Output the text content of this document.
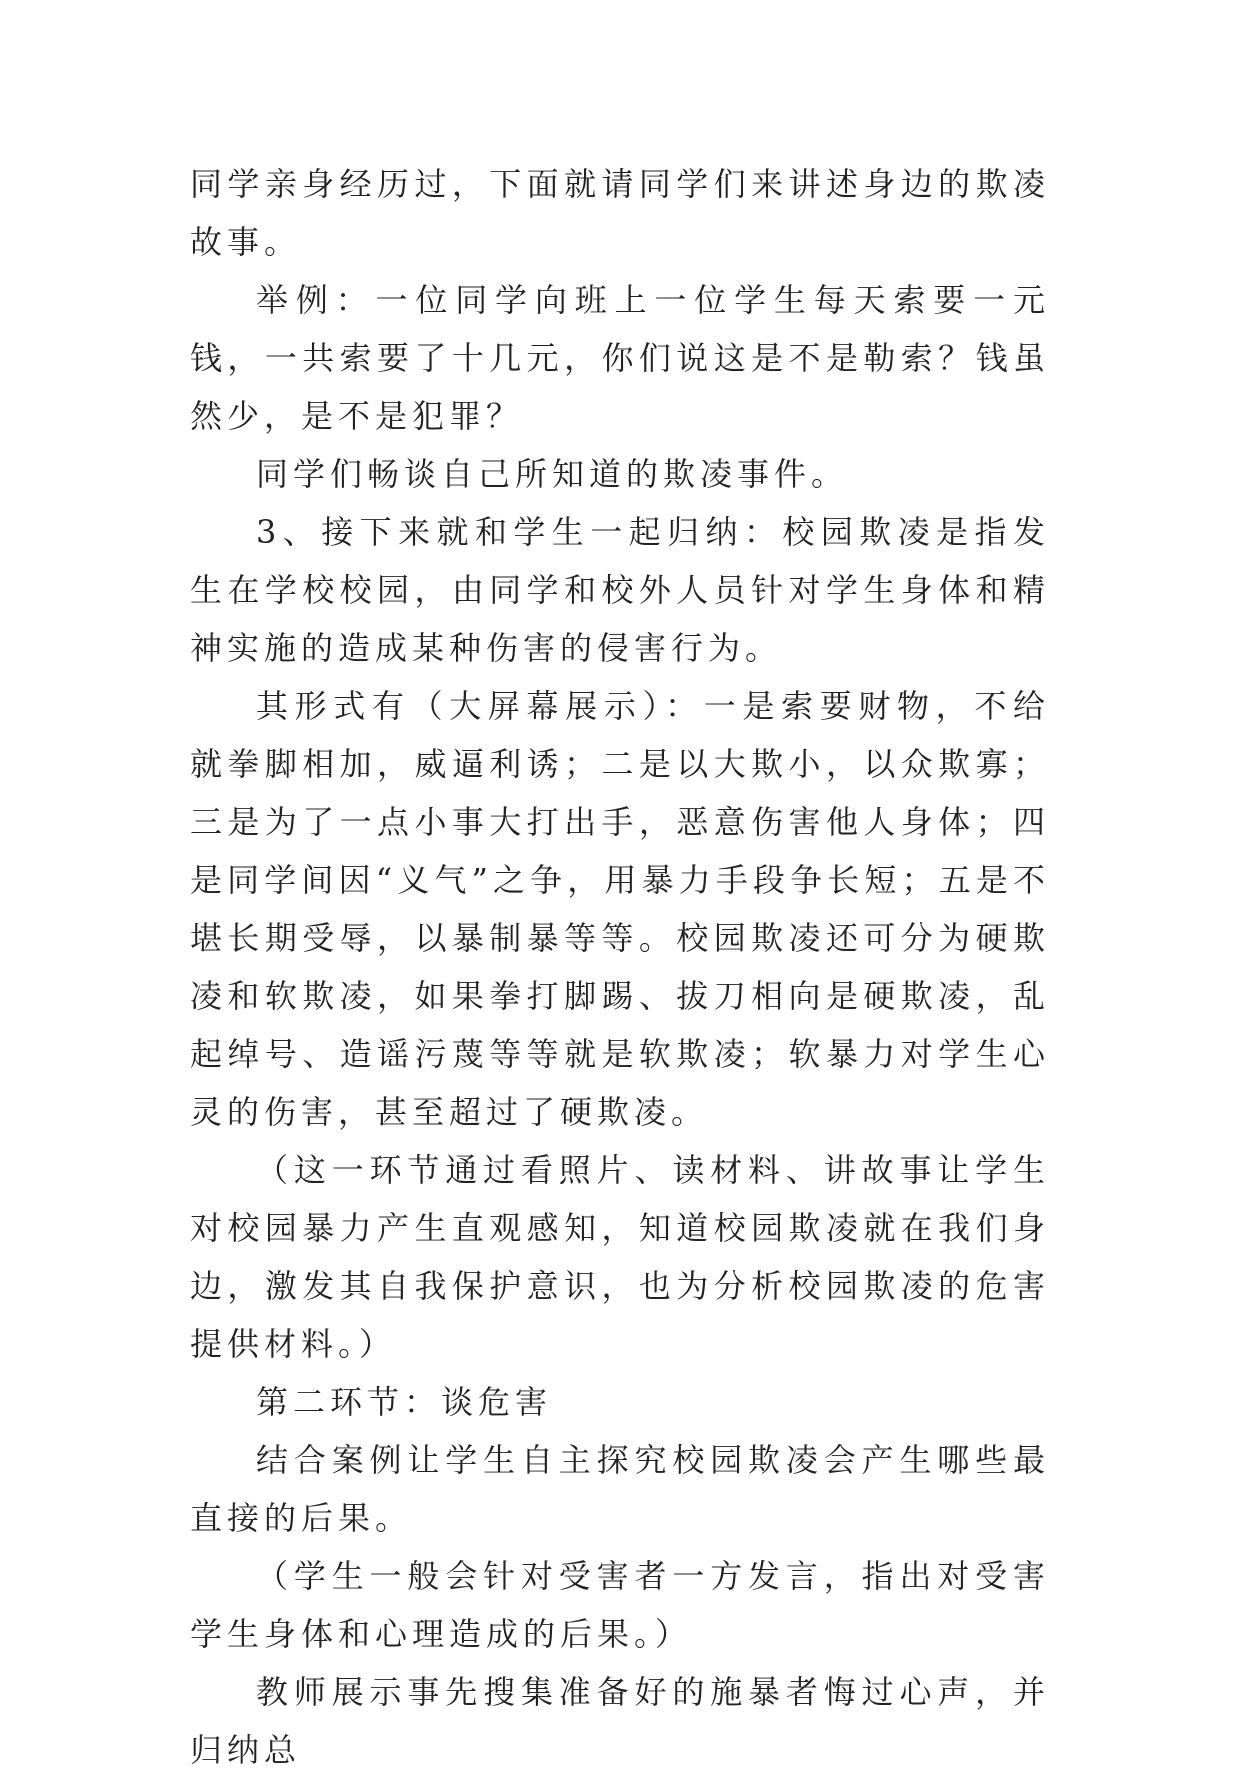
同学亲身经历过，下面就请同学们来讲述身边的欺凌故事。

举例：一位同学向班上一位学生每天索要一元钱，一共索要了十几元，你们说这是不是勒索？钱虽然少，是不是犯罪？

同学们畅谈自己所知道的欺凌事件。

3、接下来就和学生一起归纳：校园欺凌是指发生在学校校园，由同学和校外人员针对学生身体和精神实施的造成某种伤害的侵害行为。

其形式有（大屏幕展示）：一是索要财物，不给就拳脚相加，威逼利诱；二是以大欺小，以众欺寡；三是为了一点小事大打出手，恶意伤害他人身体；四是同学间因“义气”之争，用暴力手段争长短；五是不堪长期受辱，以暴制暴等等。校园欺凌还可分为硬欺凌和软欺凌，如果拳打脚踢、拔刀相向是硬欺凌，乱起绰号、造谣污蔑等等就是软欺凌；软暴力对学生心灵的伤害，甚至超过了硬欺凌。

（这一环节通过看照片、读材料、讲故事让学生对校园暴力产生直观感知，知道校园欺凌就在我们身边，激发其自我保护意识，也为分析校园欺凌的危害提供材料。）

第二环节：谈危害

结合案例让学生自主探究校园欺凌会产生哪些最直接的后果。

（学生一般会针对受害者一方发言，指出对受害学生身体和心理造成的后果。）

教师展示事先搜集准备好的施暴者悔过心声，并归纳总
